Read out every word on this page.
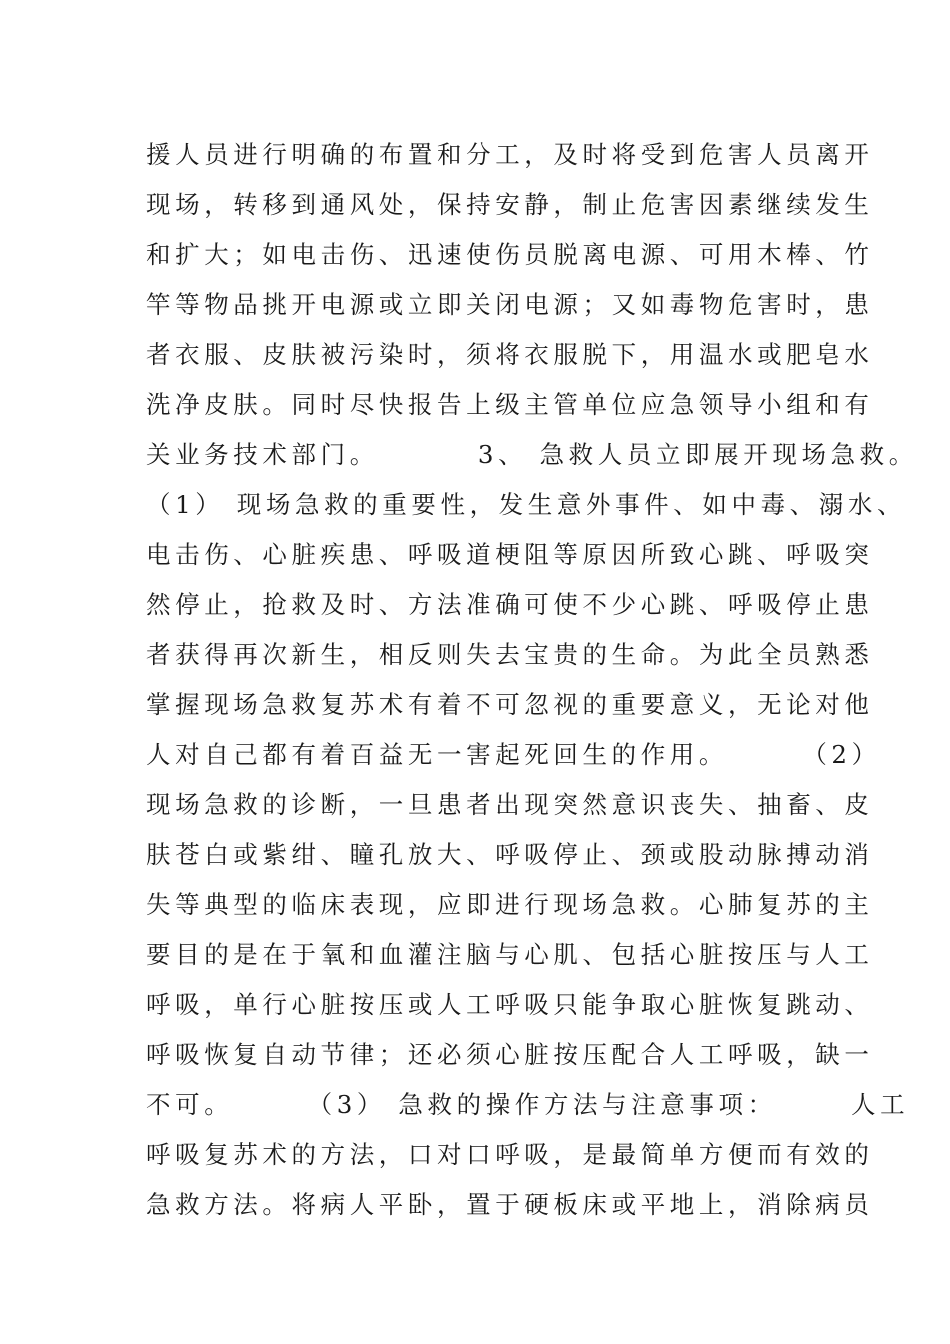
援人员进行明确的布置和分工，及时将受到危害人员离开
现场，转移到通风处，保持安静，制止危害因素继续发生
和扩大；如电击伤、迅速使伤员脱离电源、可用木棒、竹
竿等物品挑开电源或立即关闭电源；又如毒物危害时，患
者衣服、皮肤被污染时，须将衣服脱下，用温水或肥皂水
洗净皮肤。同时尽快报告上级主管单位应急领导小组和有
关业务技术部门。        3、 急救人员立即展开现场急救。
（1） 现场急救的重要性，发生意外事件、如中毒、溺水、
电击伤、心脏疾患、呼吸道梗阻等原因所致心跳、呼吸突
然停止，抢救及时、方法准确可使不少心跳、呼吸停止患
者获得再次新生，相反则失去宝贵的生命。为此全员熟悉
掌握现场急救复苏术有着不可忽视的重要意义，无论对他
人对自己都有着百益无一害起死回生的作用。      （2）
现场急救的诊断，一旦患者出现突然意识丧失、抽畜、皮
肤苍白或紫绀、瞳孔放大、呼吸停止、颈或股动脉搏动消
失等典型的临床表现，应即进行现场急救。心肺复苏的主
要目的是在于氧和血灌注脑与心肌、包括心脏按压与人工
呼吸，单行心脏按压或人工呼吸只能争取心脏恢复跳动、
呼吸恢复自动节律；还必须心脏按压配合人工呼吸，缺一
不可。      （3） 急救的操作方法与注意事项：      人工
呼吸复苏术的方法，口对口呼吸，是最简单方便而有效的
急救方法。将病人平卧，置于硬板床或平地上，消除病员
